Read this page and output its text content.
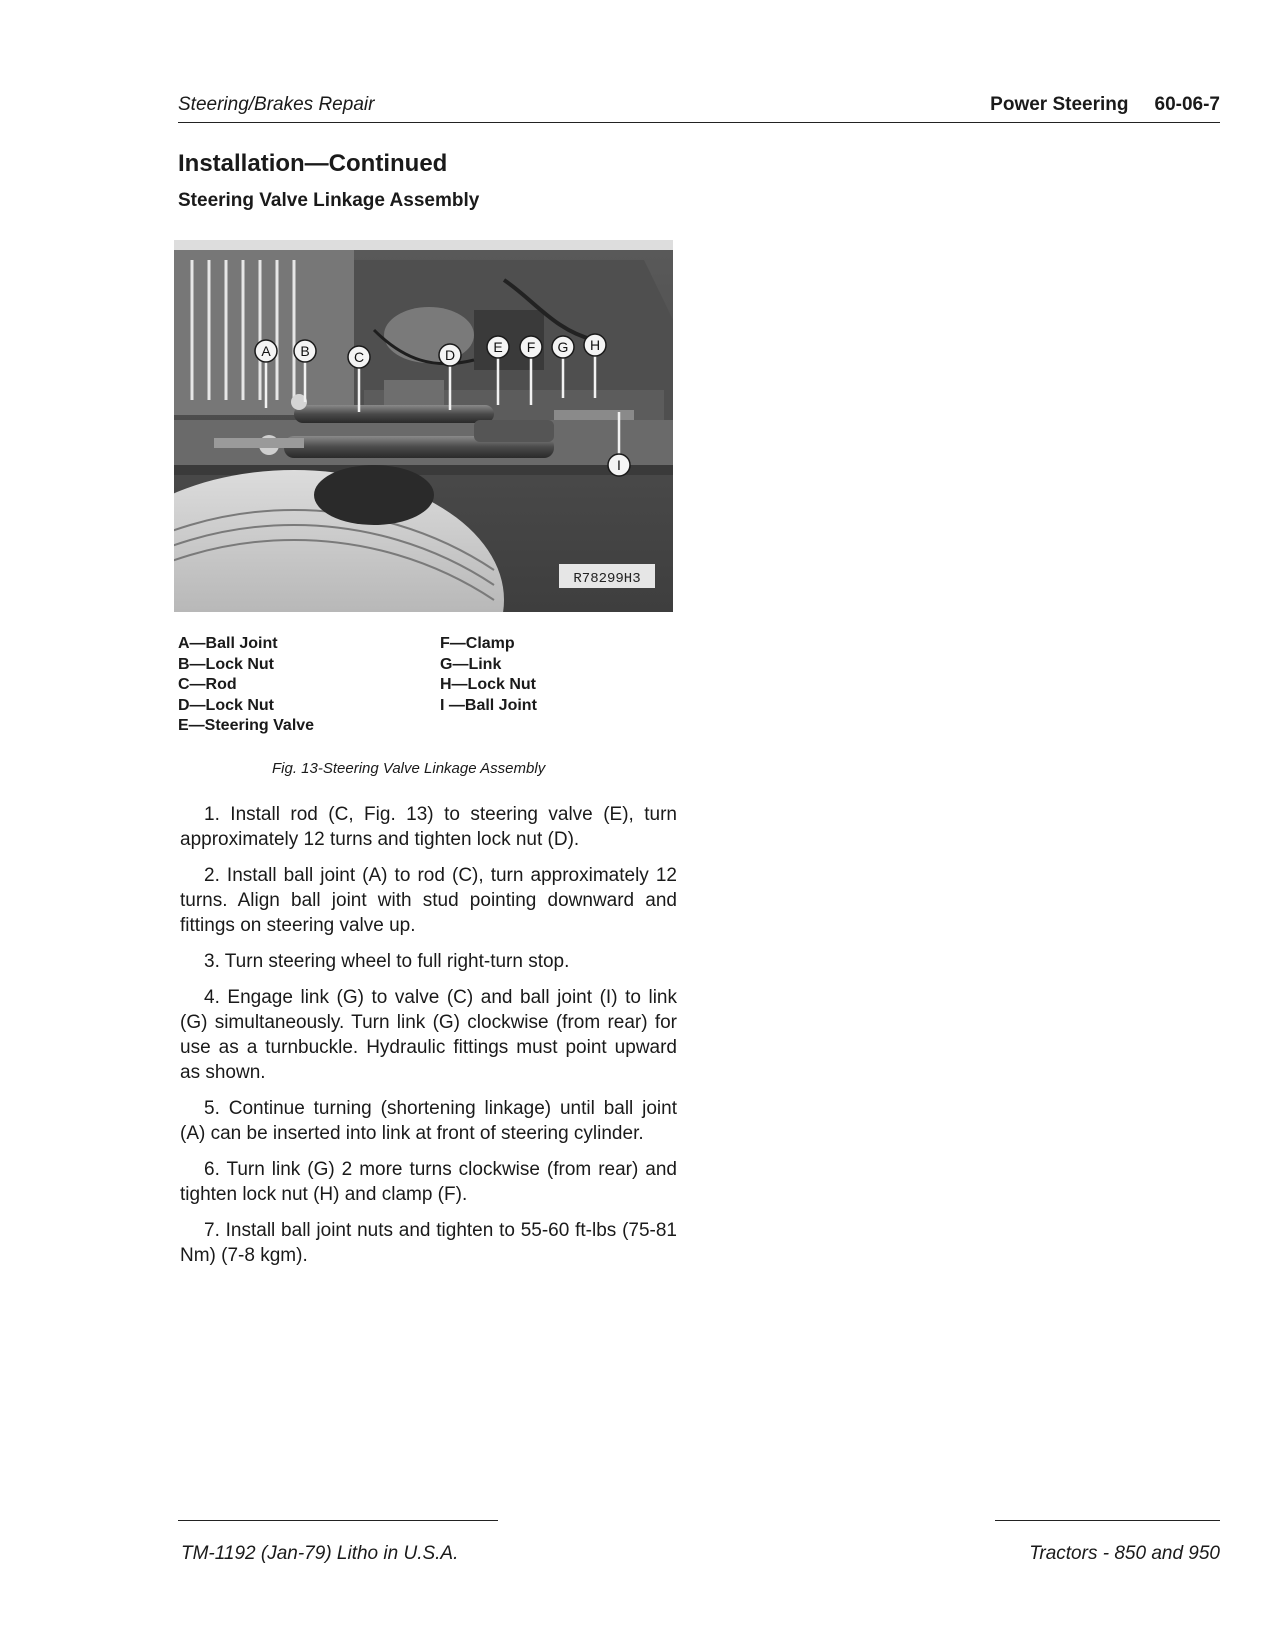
Steering/Brakes Repair	Power Steering 60-06-7
Installation—Continued
Steering Valve Linkage Assembly
R78299H3
A B	C	D	E F G H
I
A—Ball Joint
B—Lock Nut
C—Rod
D—Lock Nut
E—Steering Valve
F—Clamp
G—Link
H—Lock Nut
I —Ball Joint
Fig. 13-Steering Valve Linkage Assembly

1. Install rod (C, Fig. 13) to steering valve (E), turn approximately 12 turns and tighten lock nut (D).

2. Install ball joint (A) to rod (C), turn approximately 12 turns. Align ball joint with stud pointing downward and fittings on steering valve up.

3. Turn steering wheel to full right-turn stop.

4. Engage link (G) to valve (C) and ball joint (I) to link (G) simultaneously. Turn link (G) clockwise (from rear) for use as a turnbuckle. Hydraulic fittings must point upward as shown.

5. Continue turning (shortening linkage) until ball joint (A) can be inserted into link at front of steering cylinder.

6. Turn link (G) 2 more turns clockwise (from rear) and tighten lock nut (H) and clamp (F).

7. Install ball joint nuts and tighten to 55-60 ft-lbs (75-81 Nm) (7-8 kgm).

TM-1192 (Jan-79) Litho in U.S.A.	Tractors - 850 and 950
